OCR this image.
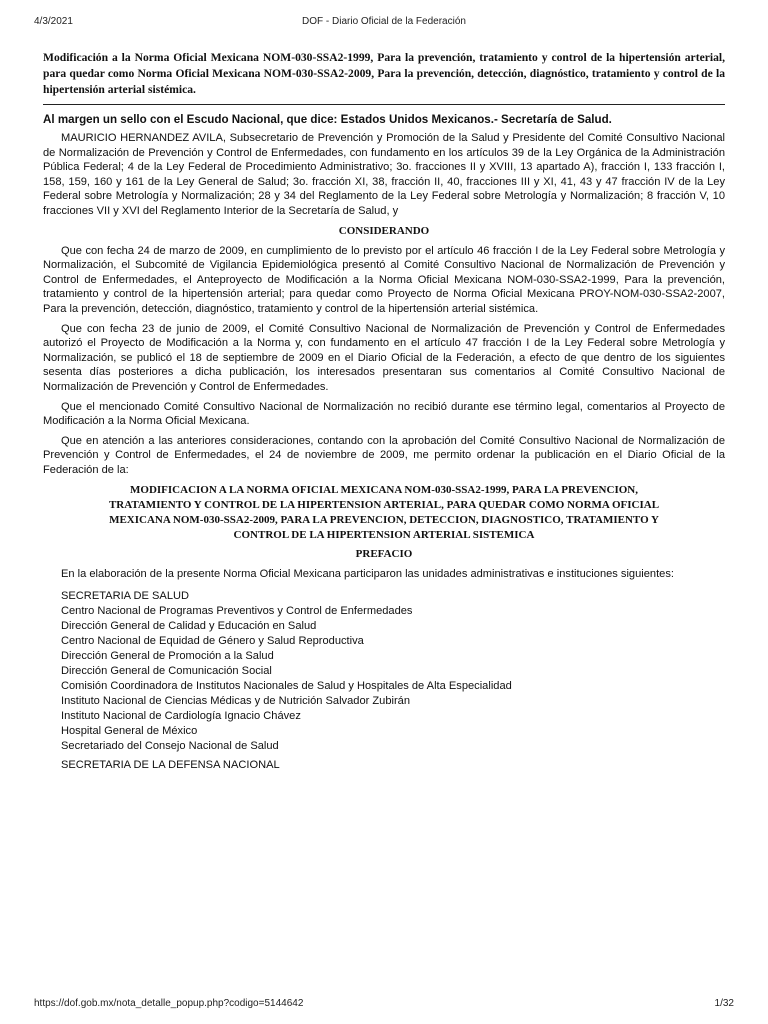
4/3/2021	DOF - Diario Oficial de la Federación

Modificación a la Norma Oficial Mexicana NOM-030-SSA2-1999, Para la prevención, tratamiento y control de la hipertensión arterial, para quedar como Norma Oficial Mexicana NOM-030-SSA2-2009, Para la prevención, detección, diagnóstico, tratamiento y control de la hipertensión arterial sistémica.

Al margen un sello con el Escudo Nacional, que dice: Estados Unidos Mexicanos.- Secretaría de Salud.

MAURICIO HERNANDEZ AVILA, Subsecretario de Prevención y Promoción de la Salud y Presidente del Comité Consultivo Nacional de Normalización de Prevención y Control de Enfermedades, con fundamento en los artículos 39 de la Ley Orgánica de la Administración Pública Federal; 4 de la Ley Federal de Procedimiento Administrativo; 3o. fracciones II y XVIII, 13 apartado A), fracción I, 133 fracción I, 158, 159, 160 y 161 de la Ley General de Salud; 3o. fracción XI, 38, fracción II, 40, fracciones III y XI, 41, 43 y 47 fracción IV de la Ley Federal sobre Metrología y Normalización; 28 y 34 del Reglamento de la Ley Federal sobre Metrología y Normalización; 8 fracción V, 10 fracciones VII y XVI del Reglamento Interior de la Secretaría de Salud, y

CONSIDERANDO

Que con fecha 24 de marzo de 2009, en cumplimiento de lo previsto por el artículo 46 fracción I de la Ley Federal sobre Metrología y Normalización, el Subcomité de Vigilancia Epidemiológica presentó al Comité Consultivo Nacional de Normalización de Prevención y Control de Enfermedades, el Anteproyecto de Modificación a la Norma Oficial Mexicana NOM-030-SSA2-1999, Para la prevención, tratamiento y control de la hipertensión arterial; para quedar como Proyecto de Norma Oficial Mexicana PROY-NOM-030-SSA2-2007, Para la prevención, detección, diagnóstico, tratamiento y control de la hipertensión arterial sistémica.

Que con fecha 23 de junio de 2009, el Comité Consultivo Nacional de Normalización de Prevención y Control de Enfermedades autorizó el Proyecto de Modificación a la Norma y, con fundamento en el artículo 47 fracción I de la Ley Federal sobre Metrología y Normalización, se publicó el 18 de septiembre de 2009 en el Diario Oficial de la Federación, a efecto de que dentro de los siguientes sesenta días posteriores a dicha publicación, los interesados presentaran sus comentarios al Comité Consultivo Nacional de Normalización de Prevención y Control de Enfermedades.

Que el mencionado Comité Consultivo Nacional de Normalización no recibió durante ese término legal, comentarios al Proyecto de Modificación a la Norma Oficial Mexicana.

Que en atención a las anteriores consideraciones, contando con la aprobación del Comité Consultivo Nacional de Normalización de Prevención y Control de Enfermedades, el 24 de noviembre de 2009, me permito ordenar la publicación en el Diario Oficial de la Federación de la:

MODIFICACION A LA NORMA OFICIAL MEXICANA NOM-030-SSA2-1999, PARA LA PREVENCION, TRATAMIENTO Y CONTROL DE LA HIPERTENSION ARTERIAL, PARA QUEDAR COMO NORMA OFICIAL MEXICANA NOM-030-SSA2-2009, PARA LA PREVENCION, DETECCION, DIAGNOSTICO, TRATAMIENTO Y CONTROL DE LA HIPERTENSION ARTERIAL SISTEMICA

PREFACIO

En la elaboración de la presente Norma Oficial Mexicana participaron las unidades administrativas e instituciones siguientes:

SECRETARIA DE SALUD
Centro Nacional de Programas Preventivos y Control de Enfermedades
Dirección General de Calidad y Educación en Salud
Centro Nacional de Equidad de Género y Salud Reproductiva
Dirección General de Promoción a la Salud
Dirección General de Comunicación Social
Comisión Coordinadora de Institutos Nacionales de Salud y Hospitales de Alta Especialidad
Instituto Nacional de Ciencias Médicas y de Nutrición Salvador Zubirán
Instituto Nacional de Cardiología Ignacio Chávez
Hospital General de México
Secretariado del Consejo Nacional de Salud

SECRETARIA DE LA DEFENSA NACIONAL

https://dof.gob.mx/nota_detalle_popup.php?codigo=5144642	1/32
